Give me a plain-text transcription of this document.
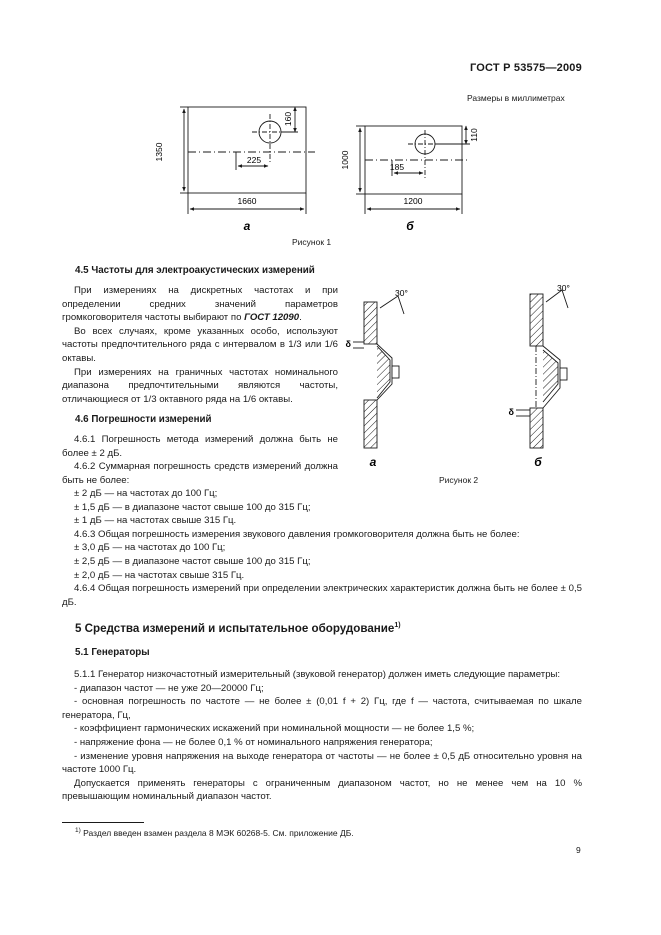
ГОСТ Р 53575—2009
Размеры в миллиметрах
1350
1660
225
160
а
1000
1200
185
110
б
Рисунок 1
30°
δ
а
30°
δ
б
Рисунок 2
4.5 Частоты для электроакустических измерений

При измерениях на дискретных частотах и при определении средних значений параметров громкоговорителя частоты выбирают по ГОСТ 12090.

Во всех случаях, кроме указанных особо, используют частоты предпочтительного ряда с интервалом в 1/3 или 1/6 октавы.

При измерениях на граничных частотах номинального диапазона предпочтительными являются частоты, отличающиеся от 1/3 октавного ряда на 1/6 октавы.

4.6 Погрешности измерений

4.6.1 Погрешность метода измерений должна быть не более ± 2 дБ.

4.6.2 Суммарная погрешность средств измерений должна быть не более:

± 2 дБ — на частотах до 100 Гц;

± 1,5 дБ — в диапазоне частот свыше 100 до 315 Гц;

± 1 дБ — на частотах свыше 315 Гц.

4.6.3 Общая погрешность измерения звукового давления громкоговорителя должна быть не более:

± 3,0 дБ — на частотах до 100 Гц;

± 2,5 дБ — в диапазоне частот свыше 100 до 315 Гц;

± 2,0 дБ — на частотах свыше 315 Гц.

4.6.4 Общая погрешность измерений при определении электрических характеристик должна быть не более ± 0,5 дБ.

5 Средства измерений и испытательное оборудование$^{1)}$
5.1 Генераторы

5.1.1 Генератор низкочастотный измерительный (звуковой генератор) должен иметь следующие параметры:

- диапазон частот — не уже 20—20000 Гц;

- основная погрешность по частоте — не более ± (0,01 f + 2) Гц, где f — частота, считываемая по шкале генератора, Гц,

- коэффициент гармонических искажений при номинальной мощности — не более 1,5 %;

- напряжение фона — не более 0,1 % от номинального напряжения генератора;

- изменение уровня напряжения на выходе генератора от частоты — не более ± 0,5 дБ относительно уровня на частоте 1000 Гц.

Допускается применять генераторы с ограниченным диапазоном частот, но не менее чем на 10 % превышающим номинальный диапазон частот.

$^{1)}$ Раздел введен взамен раздела 8 МЭК 60268-5. См. приложение ДБ.
9
